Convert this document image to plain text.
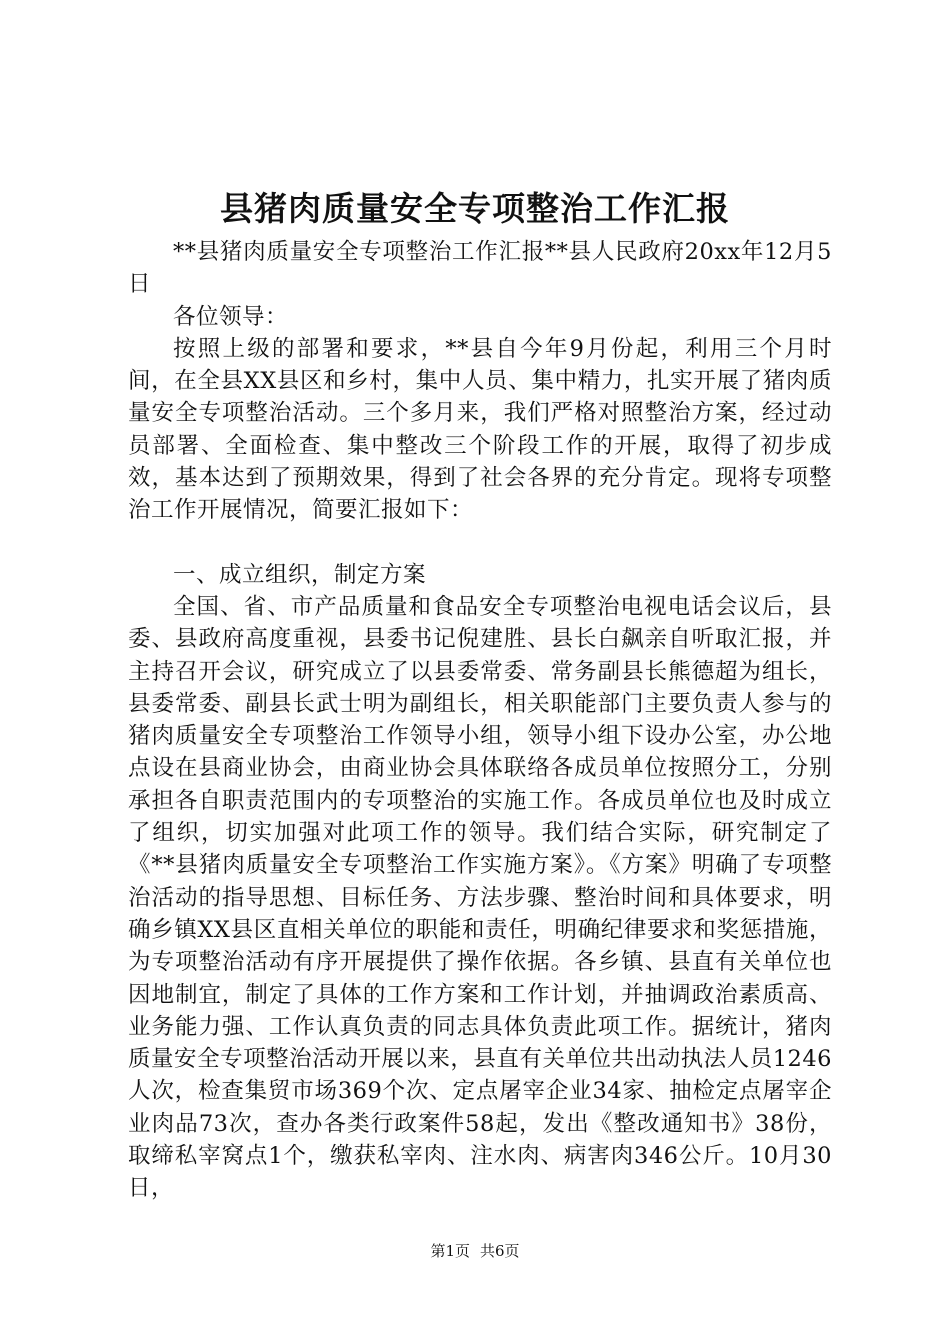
县猪肉质量安全专项整治工作汇报

**县猪肉质量安全专项整治工作汇报**县人民政府20xx年12月5日

各位领导：

按照上级的部署和要求，**县自今年9月份起，利用三个月时间，在全县XX县区和乡村，集中人员、集中精力，扎实开展了猪肉质量安全专项整治活动。三个多月来，我们严格对照整治方案，经过动员部署、全面检查、集中整改三个阶段工作的开展，取得了初步成效，基本达到了预期效果，得到了社会各界的充分肯定。现将专项整治工作开展情况，简要汇报如下：

一、成立组织，制定方案

全国、省、市产品质量和食品安全专项整治电视电话会议后，县委、县政府高度重视，县委书记倪建胜、县长白飙亲自听取汇报，并主持召开会议，研究成立了以县委常委、常务副县长熊德超为组长，县委常委、副县长武士明为副组长，相关职能部门主要负责人参与的猪肉质量安全专项整治工作领导小组，领导小组下设办公室，办公地点设在县商业协会，由商业协会具体联络各成员单位按照分工，分别承担各自职责范围内的专项整治的实施工作。各成员单位也及时成立了组织，切实加强对此项工作的领导。我们结合实际，研究制定了《**县猪肉质量安全专项整治工作实施方案》。《方案》明确了专项整治活动的指导思想、目标任务、方法步骤、整治时间和具体要求，明确乡镇XX县区直相关单位的职能和责任，明确纪律要求和奖惩措施，为专项整治活动有序开展提供了操作依据。各乡镇、县直有关单位也因地制宜，制定了具体的工作方案和工作计划，并抽调政治素质高、业务能力强、工作认真负责的同志具体负责此项工作。据统计，猪肉质量安全专项整治活动开展以来，县直有关单位共出动执法人员1246人次，检查集贸市场369个次、定点屠宰企业34家、抽检定点屠宰企业肉品73次，查办各类行政案件58起，发出《整改通知书》38份，取缔私宰窝点1个，缴获私宰肉、注水肉、病害肉346公斤。10月30日，

第1页 共6页
